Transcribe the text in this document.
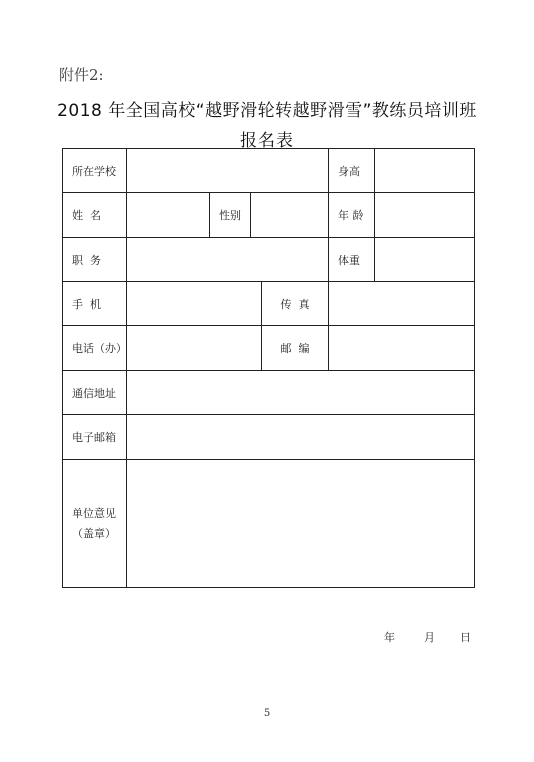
附件2:
2018 年全国高校“越野滑轮转越野滑雪”教练员培训班
报名表
所在学校	身高
姓  名	性别	年 龄
职  务	体重
手  机	传  真
电话（办）	邮  编
通信地址
电子邮箱
单位意见
（盖章）
年	月 日
5
